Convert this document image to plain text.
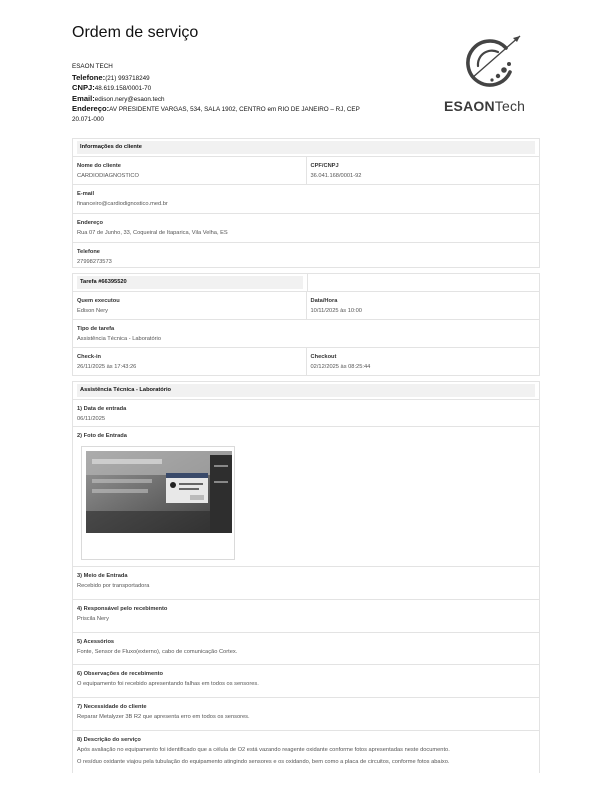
Ordem de serviço
ESAON TECH
Telefone:(21) 993718249
CNPJ:48.619.158/0001-70
Email:edison.nery@esaon.tech
Endereço:AV PRESIDENTE VARGAS, 534, SALA 1902, CENTRO em RIO DE JANEIRO – RJ, CEP 20.071-000
ESAONTech
Informações do cliente
Nome do cliente
CARDIODIAGNOSTICO
CPF/CNPJ
36.041.168/0001-92
E-mail
financeiro@cardiodignostico.med.br
Endereço
Rua 07 de Junho, 33, Coqueiral de Itaparica, Vila Velha, ES
Telefone
27998273573
Tarefa #66395520
Quem executou
Edison Nery
Data/Hora
10/11/2025 às 10:00
Tipo de tarefa
Assistência Técnica - Laboratório
Check-in
26/11/2025 às 17:43:26
Checkout
02/12/2025 às 08:25:44
Assistência Técnica - Laboratório
1) Data de entrada
06/11/2025
2) Foto de Entrada
3) Meio de Entrada
Recebido por transportadora
4) Responsável pelo recebimento
Priscila Nery
5) Acessórios
Fonte, Sensor de Fluxo(externo), cabo de comunicação Cortex.
6) Observações de recebimento
O equipamento foi recebido apresentando falhas em todos os sensores.
7) Necessidade do cliente
Reparar Metalyzer 3B R2 que apresenta erro em todos os sensores.
8) Descrição do serviço
Após avaliação no equipamento foi identificado que a célula de O2 está vazando reagente oxidante conforme fotos apresentadas neste documento.
O resíduo oxidante viajou pela tubulação do equipamento atingindo sensores e os oxidando, bem como a placa de circuitos, conforme fotos abaixo.
